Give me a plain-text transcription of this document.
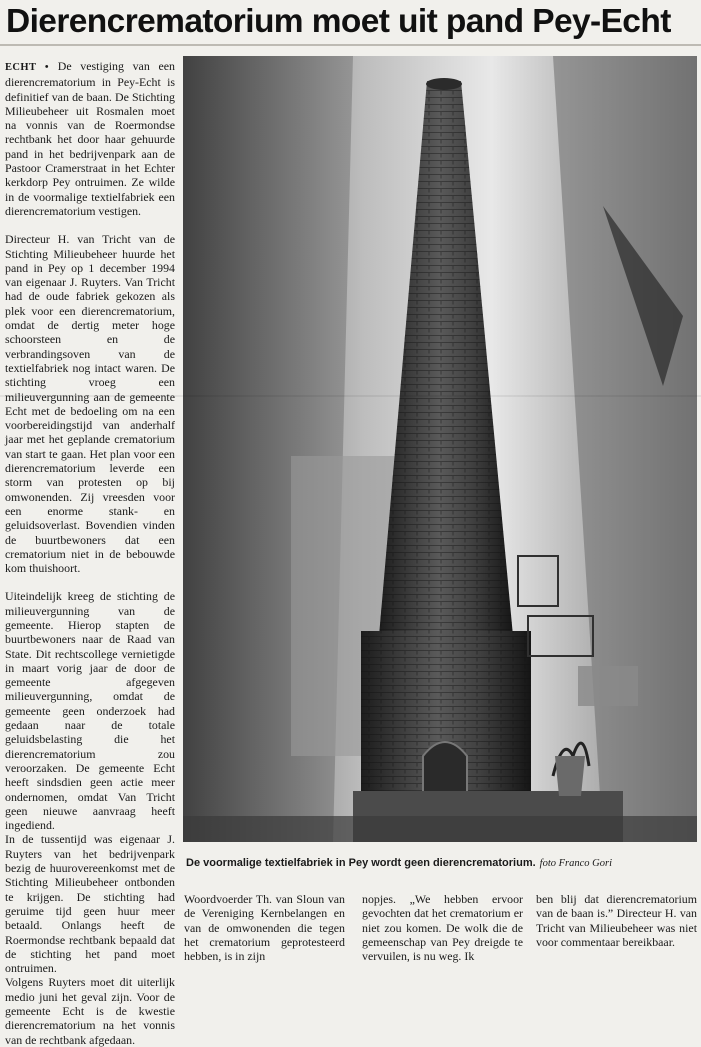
Dierencrematorium moet uit pand Pey-Echt

ECHT • De vestiging van een dierencrematorium in Pey-Echt is definitief van de baan. De Stichting Milieubeheer uit Rosmalen moet na vonnis van de Roermondse rechtbank het door haar gehuurde pand in het bedrijvenpark aan de Pastoor Cramerstraat in het Echter kerkdorp Pey ontruimen. Ze wilde in de voormalige textielfabriek een dierencrematorium vestigen.

Directeur H. van Tricht van de Stichting Milieubeheer huurde het pand in Pey op 1 december 1994 van eigenaar J. Ruyters. Van Tricht had de oude fabriek gekozen als plek voor een dierencrematorium, omdat de dertig meter hoge schoorsteen en de verbrandingsoven van de textielfabriek nog intact waren. De stichting vroeg een milieuvergunning aan de gemeente Echt met de bedoeling om na een voorbereidingstijd van anderhalf jaar met het geplande crematorium van start te gaan. Het plan voor een dierencrematorium leverde een storm van protesten op bij omwonenden. Zij vreesden voor een enorme stank- en geluidsoverlast. Bovendien vinden de buurtbewoners dat een crematorium niet in de bebouwde kom thuishoort.

Uiteindelijk kreeg de stichting de milieuvergunning van de gemeente. Hierop stapten de buurtbewoners naar de Raad van State. Dit rechtscollege vernietigde in maart vorig jaar de door de gemeente afgegeven milieuvergunning, omdat de gemeente geen onderzoek had gedaan naar de totale geluidsbelasting die het dierencrematorium zou veroorzaken. De gemeente Echt heeft sindsdien geen actie meer ondernomen, omdat Van Tricht geen nieuwe aanvraag heeft ingediend.

In de tussentijd was eigenaar J. Ruyters van het bedrijvenpark bezig de huurovereenkomst met de Stichting Milieubeheer ontbonden te krijgen. De stichting had geruime tijd geen huur meer betaald. Onlangs heeft de Roermondse rechtbank bepaald dat de stichting het pand moet ontruimen.

Volgens Ruyters moet dit uiterlijk medio juni het geval zijn. Voor de gemeente Echt is de kwestie dierencrematorium na het vonnis van de rechtbank afgedaan.

De voormalige textielfabriek in Pey wordt geen dierencrematorium. foto Franco Gori
Woordvoerder Th. van Sloun van de Vereniging Kernbelangen en van de omwonenden die tegen het crematorium geprotesteerd hebben, is in zijn
nopjes. „We hebben ervoor gevochten dat het crematorium er niet zou komen. De wolk die de gemeenschap van Pey dreigde te vervuilen, is nu weg. Ik
ben blij dat dierencrematorium van de baan is.” Directeur H. van Tricht van Milieubeheer was niet voor commentaar bereikbaar.
